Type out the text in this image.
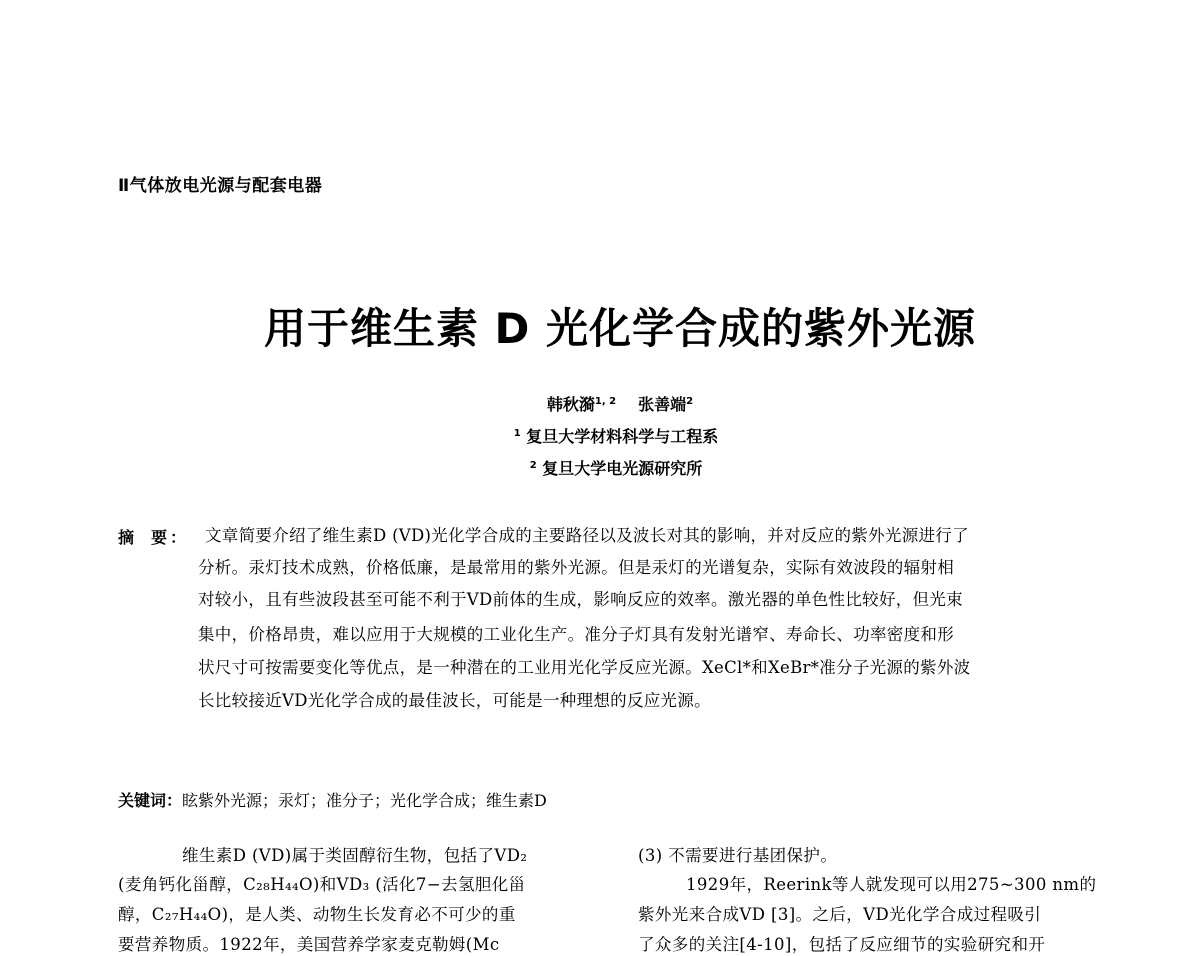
Ⅱ气体放电光源与配套电器
用于维生素 D 光化学合成的紫外光源
韩秋漪$^{1, 2}$ 张善端$^2$
$^1$ 复旦大学材料科学与工程系
$^2$ 复旦大学电光源研究所
摘 要： 文章简要介绍了维生素D (VD)光化学合成的主要路径以及波长对其的影响，并对反应的紫外光源进行了
分析。汞灯技术成熟，价格低廉，是最常用的紫外光源。但是汞灯的光谱复杂，实际有效波段的辐射相
对较小，且有些波段甚至可能不利于VD前体的生成，影响反应的效率。激光器的单色性比较好，但光束
集中，价格昂贵，难以应用于大规模的工业化生产。准分子灯具有发射光谱窄、寿命长、功率密度和形
状尺寸可按需要变化等优点，是一种潜在的工业用光化学反应光源。XeCl*和XeBr*准分子光源的紫外波
长比较接近VD光化学合成的最佳波长，可能是一种理想的反应光源。
关键词：眩紫外光源；汞灯；准分子；光化学合成；维生素D
维生素D (VD)属于类固醇衍生物，包括了VD₂
(麦角钙化甾醇，C₂₈H₄₄O)和VD₃ (活化7−去氢胆化甾
醇，C₂₇H₄₄O)，是人类、动物生长发育必不可少的重
要营养物质。1922年，美国营养学家麦克勒姆(Mc
(3) 不需要进行基团保护。
1929年，Reerink等人就发现可以用275~300 nm的
紫外光来合成VD [3]。之后，VD光化学合成过程吸引
了众多的关注[4-10]，包括了反应细节的实验研究和开
